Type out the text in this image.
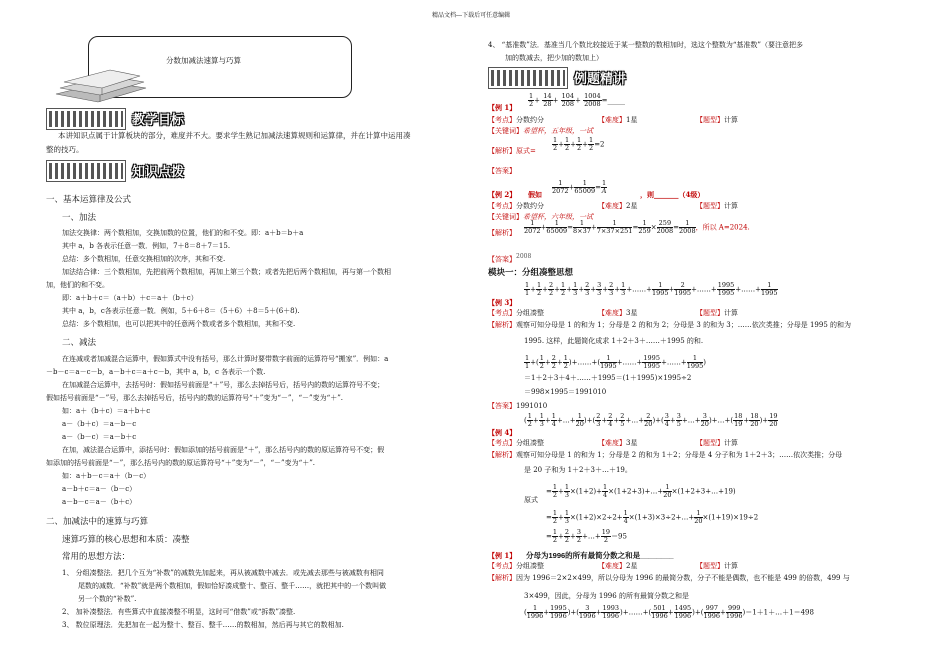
精品文档---下载后可任意编辑
分数加减法速算与巧算
教学目标
本讲知识点属于计算板块的部分，难度并不大。要求学生熟记加减法速算规则和运算律，并在计算中运用凑
整的技巧。
知识点拨
一、基本运算律及公式
一、加法
加法交换律：两个数相加，交换加数的位置，他们的和不变。即：a＋b＝b＋a
其中 a，b 各表示任意一数．例如，7＋8＝8＋7＝15.
总结：多个数相加，任意交换相加的次序，其和不变.
加法结合律：三个数相加，先把前两个数相加，再加上第三个数；或者先把后两个数相加，再与第一个数相
加，他们的和不变。
即：a＋b＋c＝（a＋b）＋c＝a＋（b＋c）
其中 a，b，c各表示任意一数．例如，5＋6＋8＝（5＋6）＋8＝5＋(6＋8).
总结：多个数相加，也可以把其中的任意两个数或者多个数相加，其和不变.
二、减法
在连减或者加减混合运算中，假如算式中没有括号，那么计算时要带数字前面的运算符号“搬家”．例如：a
－b－c＝a－c－b，a－b＋c＝a＋c－b，其中 a，b，c 各表示一个数.
在加减混合运算中，去括号时：假如括号前面是“＋”号，那么去掉括号后，括号内的数的运算符号不变；
假如括号前面是“－”号，那么去掉括号后，括号内的数的运算符号“＋”变为“－”，“－”变为“＋”.
如：a＋（b＋c）＝a＋b＋c
a－（b＋c）＝a－b－c
a－（b－c）＝a－b＋c
在加，减法混合运算中，添括号时：假如添加的括号前面是“＋”，那么括号内的数的原运算符号不变；假
如添加的括号前面是“－”，那么括号内的数的原运算符号“＋”变为“－”，“－”变为“＋”.
如：a＋b－c＝a＋（b－c）
a－b＋c＝a－（b－c）
a－b－c＝a－（b＋c）
二、加减法中的速算与巧算
速算巧算的核心思想和本质：凑整
常用的思想方法：
1、 分组凑整法．把几个互为“补数”的减数先加起来，再从被减数中减去．或先减去那些与被减数有相同
尾数的减数．“补数”就是两个数相加，假如恰好凑成整十、整百、整千……，就把其中的一个数叫做
另一个数的“补数”.
2、 加补凑整法．有些算式中直接凑整不明显，这时可“借数”或“拆数”凑整.
3、 数位原理法．先把加在一起为整十、整百、整千……的数相加，然后再与其它的数相加.
4、 “基准数”法．基准当几个数比较接近于某一整数的数相加时，选这个整数为“基准数”（要注意把多
加的数减去，把少加的数加上）
例题精讲
【例 1】 $\frac{1}{2} + \frac{14}{28} + \frac{104}{208} + \frac{1004}{2008}$ =_____
【考点】分数约分	【难度】1星	【题型】计算
【关键词】希望杯，五年级，一试
【解析】原式= $\frac{1}{2} + \frac{1}{2} + \frac{1}{2} + \frac{1}{2} =2$
【答案】
【例 2】 假如 $\frac{1}{2072} + \frac{1}{65009} = \frac{1}{A}$	，则_______（4级）
【考点】分数约分	【难度】2星	【题型】计算
【关键词】希望杯，六年级，一试
【解析】 $\frac{1}{2072} + \frac{1}{65009} = \frac{1}{8\times 37} + \frac{1}{7\times 37\times 251} = \frac{1}{259} \times \frac{259}{2008} = \frac{1}{2008}$ ，所以 A=2024.
【答案】2008
模块一：分组凑整思想
$\frac{1}{1} + \frac{1}{2} + \frac{2}{2} + \frac{1}{2} + \frac{1}{3} + \frac{2}{3} + \frac{3}{3} + \frac{2}{3} + \frac{1}{3}$ +……+ $\frac{1}{1995} + \frac{2}{1995}$ +……+ $\frac{1995}{1995}$ +……+ $\frac{1}{1995}$
【例 3】
【考点】分组凑整	【难度】3星	【题型】计算
【解析】观察可知分母是 1 的和为 1；分母是 2 的和为 2；分母是 3 的和为 3；……依次类推；分母是 1995 的和为
1995. 这样，此题简化成求 1＋2＋3＋……＋1995 的和.
$\frac{1}{1}$ +( $\frac{1}{2} + \frac{2}{2} + \frac{1}{2}$ )+……+( $\frac{1}{1995}$ +……+ $\frac{1995}{1995}$ +……+ $\frac{1}{1995}$ )
＝1＋2＋3＋4＋……＋1995＝(1＋1995)×1995÷2
＝998×1995＝1991010
【答案】1991010
( $\frac{1}{2} + \frac{1}{3} + \frac{1}{4}$ +…+ $\frac{1}{20}$ )+( $\frac{2}{3} + \frac{2}{4} + \frac{2}{5}$ +…+ $\frac{2}{20}$ )+( $\frac{3}{4} + \frac{3}{5}$ +…+ $\frac{3}{20}$ )+…+( $\frac{18}{19} + \frac{18}{20}$ )+ $\frac{19}{20}$
【例 4】
【考点】分组凑整	【难度】3星	【题型】计算
【解析】观察可知分母是 1 的和为 1；分母是 2 的和为 1＋2；分母是 4 分子和为 1＋2＋3；……依次类推；分母
是 20 子和为 1＋2＋3＋…＋19。
原式
= $\frac{1}{2} + \frac{1}{3} \times(1+2)+ \frac{1}{4}$ ×(1+2+3)+…+ $\frac{1}{20}$ ×(1+2+3+…+19)
= $\frac{1}{2} + \frac{1}{3} \times(1+2)\times 2\div 2+ \frac{1}{4}$ ×(1+3)×3÷2+…+ $\frac{1}{20} \times(1+19)\times 19\div 2$
= $\frac{1}{2} + \frac{2}{2} + \frac{3}{2}$ +…+ $\frac{19}{2} =95$
【例 1】 分母为1996的所有最简分数之和是________
【考点】分组凑整	【难度】2星	【题型】计算
【解析】因为 1996＝2×2×499，所以分母为 1996 的最简分数，分子不能是偶数，也不能是 499 的倍数，499 与
3×499，因此，分母为 1996 的所有最简分数之和是
( $\frac{1}{1996} + \frac{1995}{1996}$ )+( $\frac{3}{1996} + \frac{1993}{1996}$ )+……+( $\frac{501}{1996} + \frac{1495}{1996}$ )+( $\frac{997}{1996} + \frac{999}{1996}$ )＝1＋1＋…＋1＝498
